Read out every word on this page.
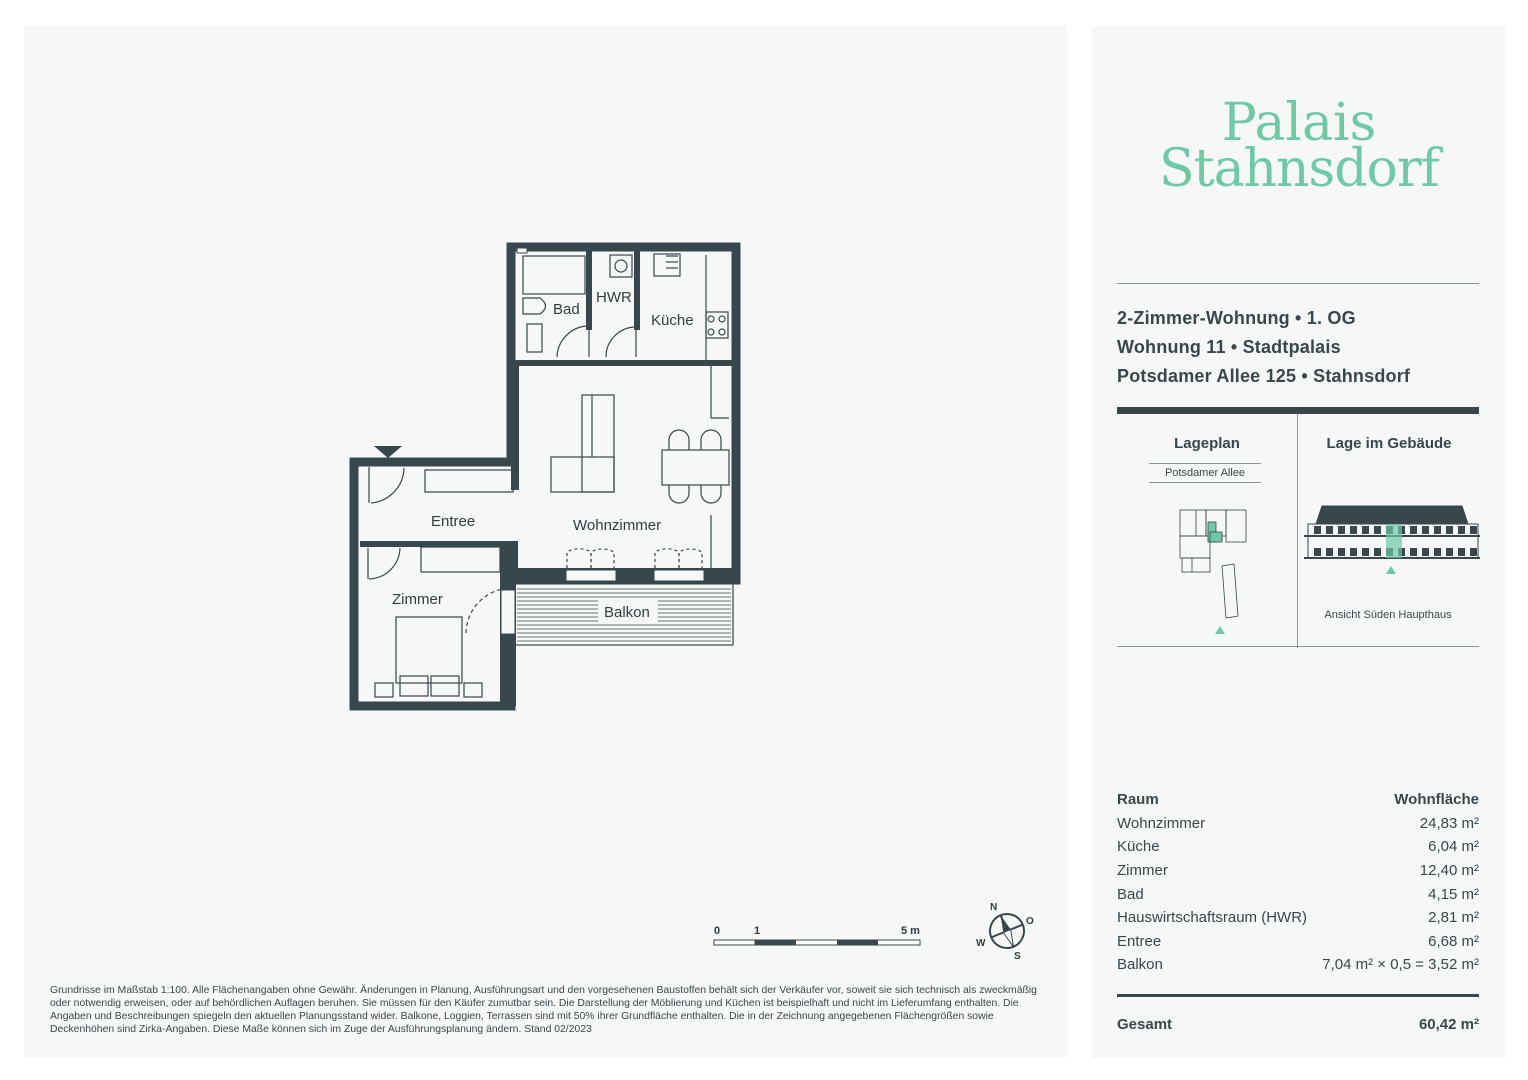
Bad
HWR
Küche
Entree	Wohnzimmer
Zimmer
Balkon
0	1	5 m
N
O
S
W

Grundrisse im Maßstab 1:100. Alle Flächenangaben ohne Gewähr. Änderungen in Planung, Ausführungsart und den vorgesehenen Baustoffen behält sich der Verkäufer vor, soweit sie sich technisch als zweckmäßig oder notwendig erweisen, oder auf behördlichen Auflagen beruhen. Sie müssen für den Käufer zumutbar sein. Die Darstellung der Möblierung und Küchen ist beispielhaft und nicht im Lieferumfang enthalten. Die Angaben und Beschreibungen spiegeln den aktuellen Planungsstand wider. Balkone, Loggien, Terrassen sind mit 50% ihrer Grundfläche enthalten. Die in der Zeichnung angegebenen Flächengrößen sowie Deckenhöhen sind Zirka-Angaben. Diese Maße können sich im Zuge der Ausführungsplanung ändern. Stand 02/2023

Palais
Stahnsdorf
2-Zimmer-Wohnung • 1. OG
Wohnung 11 • Stadtpalais
Potsdamer Allee 125 • Stahnsdorf
Lageplan
Potsdamer Allee
Lage im Gebäude
Ansicht Süden Haupthaus
Raum	Wohnfläche
Wohnzimmer	24,83 m²
Küche	6,04 m²
Zimmer	12,40 m²
Bad	4,15 m²
Hauswirtschaftsraum (HWR)	2,81 m²
Entree	6,68 m²
Balkon	7,04 m² × 0,5 = 3,52 m²
Gesamt	60,42 m²
